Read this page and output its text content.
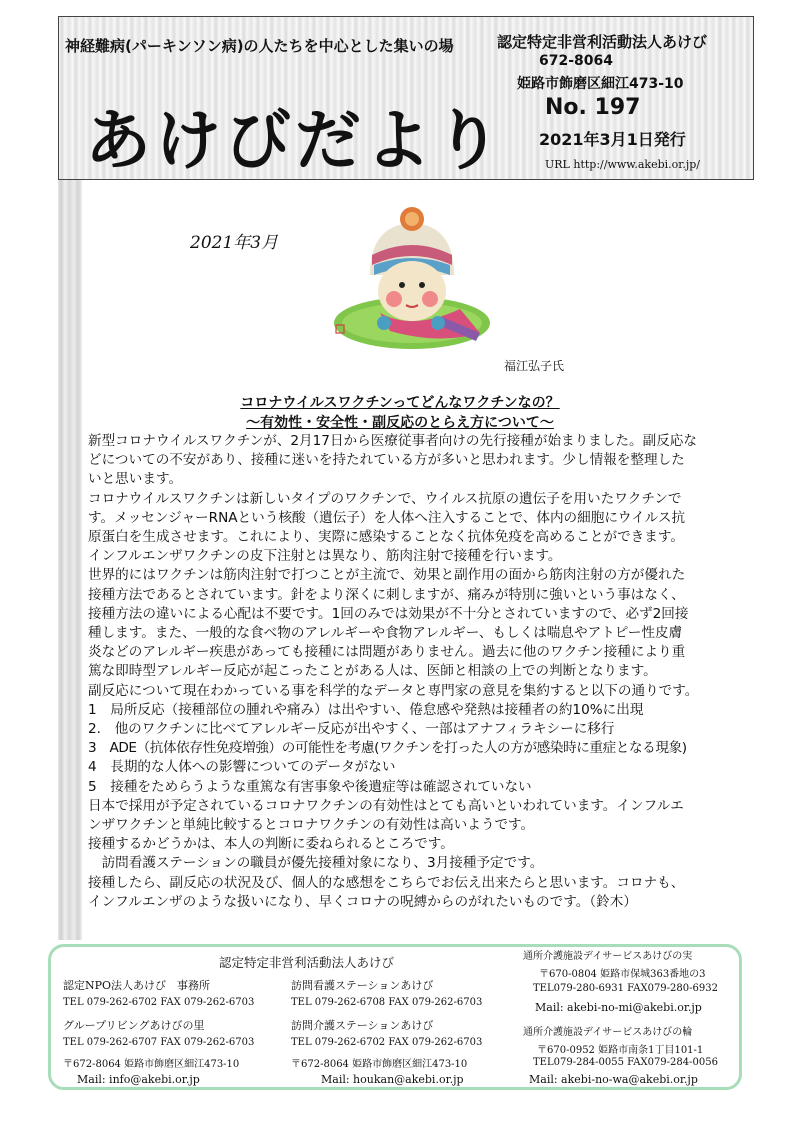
神経難病(パーキンソン病)の人たちを中心とした集いの場
あけびだより
認定特定非営利活動法人あけび
672-8064
姫路市飾磨区細江473-10
No. 197
2021年3月1日発行
URL http://www.akebi.or.jp/
2021年3月
福江弘子氏
コロナウイルスワクチンってどんなワクチンなの？
～有効性・安全性・副反応のとらえ方について～

新型コロナウイルスワクチンが、2月17日から医療従事者向けの先行接種が始まりました。副反応な

どについての不安があり、接種に迷いを持たれている方が多いと思われます。少し情報を整理した

いと思います。

コロナウイルスワクチンは新しいタイプのワクチンで、ウイルス抗原の遺伝子を用いたワクチンで

す。メッセンジャーRNAという核酸（遺伝子）を人体へ注入することで、体内の細胞にウイルス抗

原蛋白を生成させます。これにより、実際に感染することなく抗体免疫を高めることができます。

インフルエンザワクチンの皮下注射とは異なり、筋肉注射で接種を行います。

世界的にはワクチンは筋肉注射で打つことが主流で、効果と副作用の面から筋肉注射の方が優れた

接種方法であるとされています。針をより深くに刺しますが、痛みが特別に強いという事はなく、

接種方法の違いによる心配は不要です。1回のみでは効果が不十分とされていますので、必ず2回接

種します。また、一般的な食べ物のアレルギーや食物アレルギー、もしくは喘息やアトピー性皮膚

炎などのアレルギー疾患があっても接種には問題がありません。過去に他のワクチン接種により重

篤な即時型アレルギー反応が起こったことがある人は、医師と相談の上での判断となります。

副反応について現在わかっている事を科学的なデータと専門家の意見を集約すると以下の通りです。

1　局所反応（接種部位の腫れや痛み）は出やすい、倦怠感や発熱は接種者の約10%に出現

2.　他のワクチンに比べてアレルギー反応が出やすく、一部はアナフィラキシーに移行

3　ADE（抗体依存性免疫増強）の可能性を考慮(ワクチンを打った人の方が感染時に重症となる現象)

4　長期的な人体への影響についてのデータがない

5　接種をためらうような重篤な有害事象や後遺症等は確認されていない

日本で採用が予定されているコロナワクチンの有効性はとても高いといわれています。インフルエ

ンザワクチンと単純比較するとコロナワクチンの有効性は高いようです。

接種するかどうかは、本人の判断に委ねられるところです。

　訪問看護ステーションの職員が優先接種対象になり、3月接種予定です。

接種したら、副反応の状況及び、個人的な感想をこちらでお伝え出来たらと思います。コロナも、

インフルエンザのような扱いになり、早くコロナの呪縛からのがれたいものです。（鈴木）

認定特定非営利活動法人あけび
認定NPO法人あけび　事務所
TEL 079-262-6702 FAX 079-262-6703
グループリビングあけびの里
TEL 079-262-6707 FAX 079-262-6703
〒672-8064 姫路市飾磨区細江473-10
Mail: info@akebi.or.jp
訪問看護ステーションあけび
TEL 079-262-6708 FAX 079-262-6703
訪問介護ステーションあけび
TEL 079-262-6702 FAX 079-262-6703
〒672-8064 姫路市飾磨区細江473-10
Mail: houkan@akebi.or.jp
通所介護施設デイサービスあけびの実
〒670-0804 姫路市保城363番地の3
TEL079-280-6931 FAX079-280-6932
Mail: akebi-no-mi@akebi.or.jp
通所介護施設デイサービスあけびの輪
〒670-0952 姫路市南条1丁目101-1
TEL079-284-0055 FAX079-284-0056
Mail: akebi-no-wa@akebi.or.jp
